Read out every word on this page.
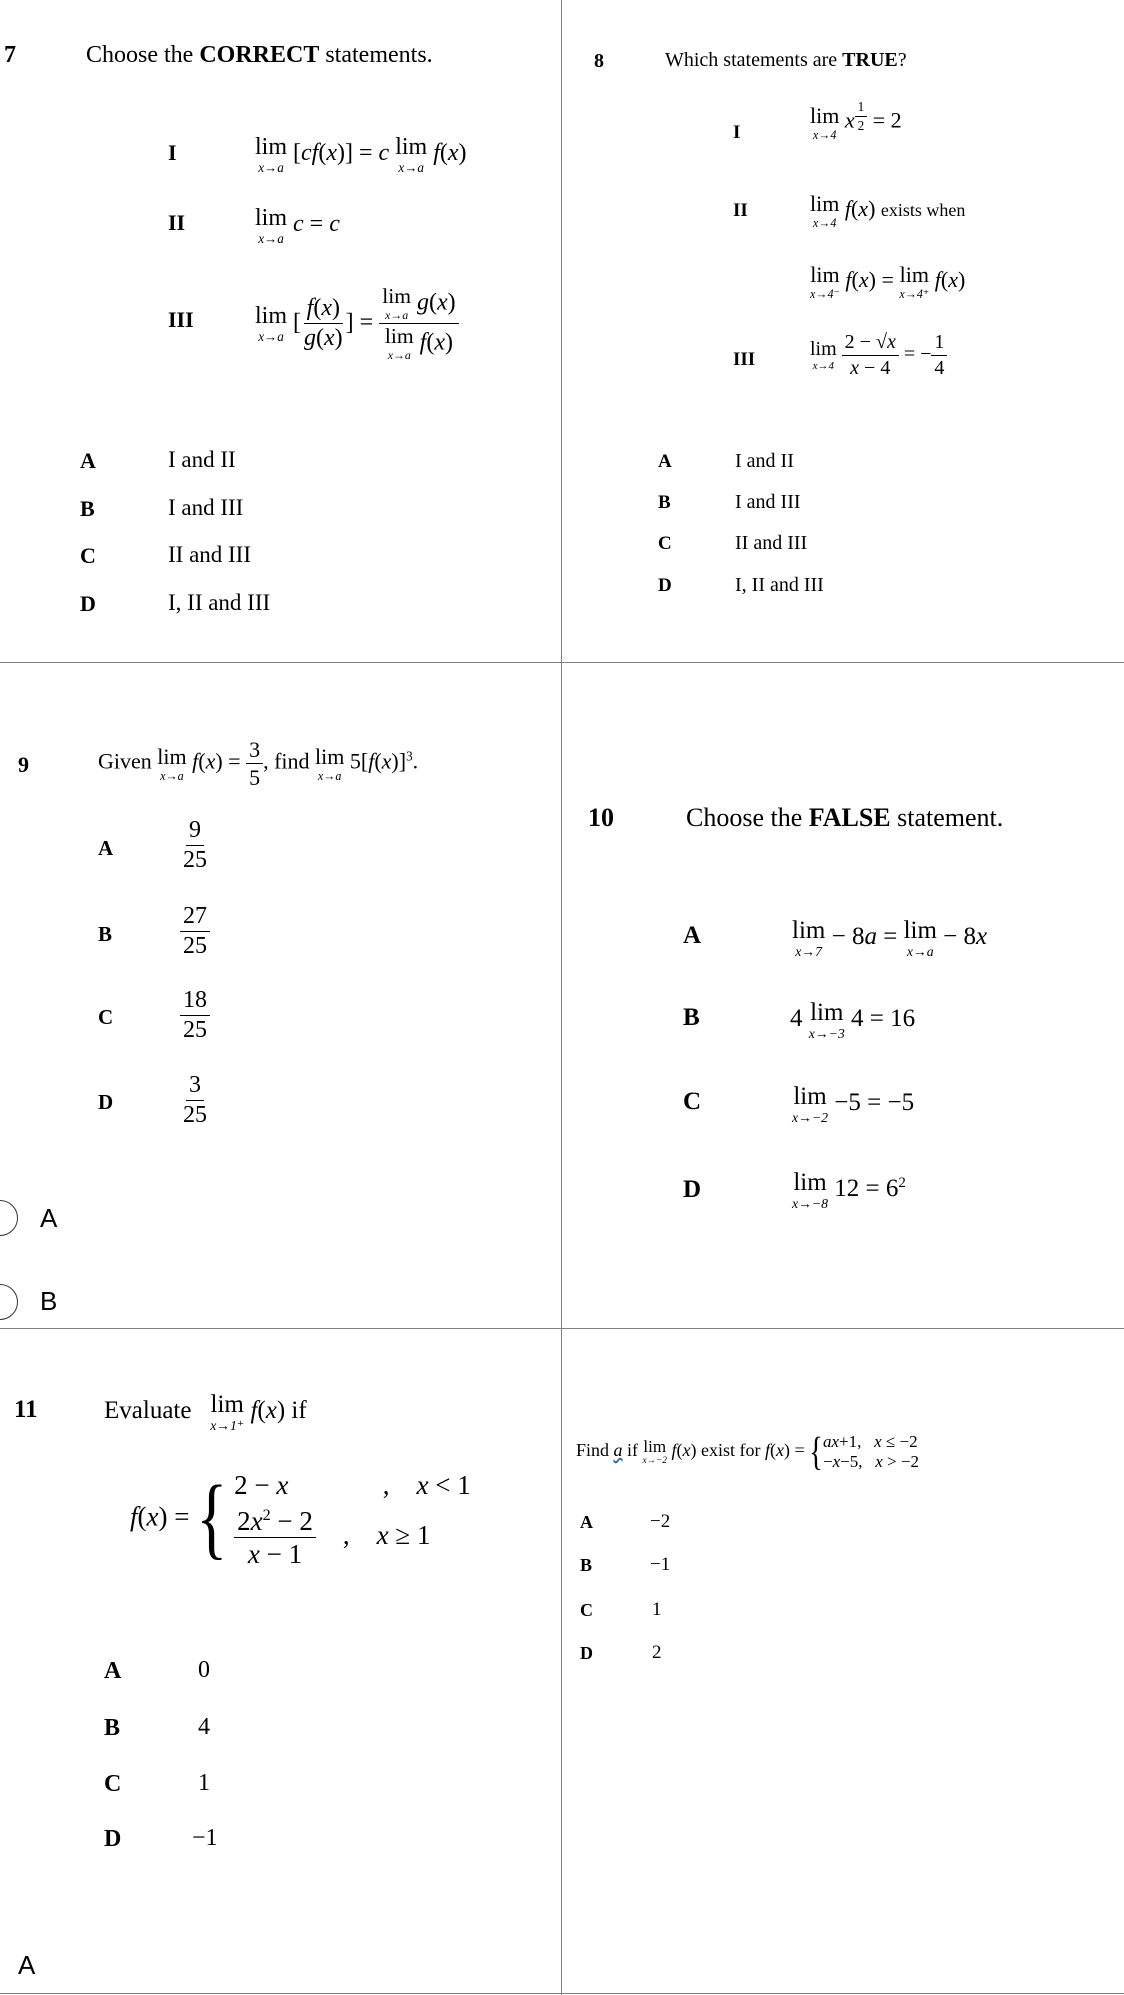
7	Choose the CORRECT statements.
I	lim
x→a
[cf(x)] = c lim
x→a
f(x)
II	lim
x→a
c = c
III	lim
x→a
[ $\frac{f(x)}{g(x)}$ ] = lim
x→a g(x)
lim
x→a f(x)
A	I and II
B	I and III
C	II and III
D	I, II and III
8	Which statements are TRUE?
I
lim
x→4
x $^{\frac{1}{2}}$ = 2
II	lim
x→4
f(x) exists when
lim
x→4⁻
f(x) = lim
x→4⁺
f(x)
III	lim
x→4
$\frac{2 - √x}{x - 4}$ = − $\frac{1}{4}$
A	I and II
B	I and III
C	II and III
D	I, II and III
9	Given lim
x→a
$f(x) = \frac{3}{5}$ , find lim
x→a
$5[f(x)]^3$.
A	$\frac{9}{25}$
B	$\frac{27}{25}$
C	$\frac{18}{25}$
D	$\frac{3}{25}$
A
B
10	Choose the FALSE statement.
A	lim
x→7
− 8a = lim
x→a
− 8x
B	4 lim
x→−3
4 = 16
C	lim
x→−2
−5 = −5
D	lim
x→−8
$12 = 6^2$
11	Evaluate lim
x→1⁺
f(x) if
f(x) = { 2 − x              ,    x < 1
$\frac{2x^2 - 2}{x - 1}$ ,    x ≥ 1
A	0
B	4
C	1
D	−1
A
Find a if lim
x→−2
f(x) exist for f(x) = { ax+1,   x ≤ −2
−x−5,   x > −2
A	−2
B	−1
C	1
D	2
